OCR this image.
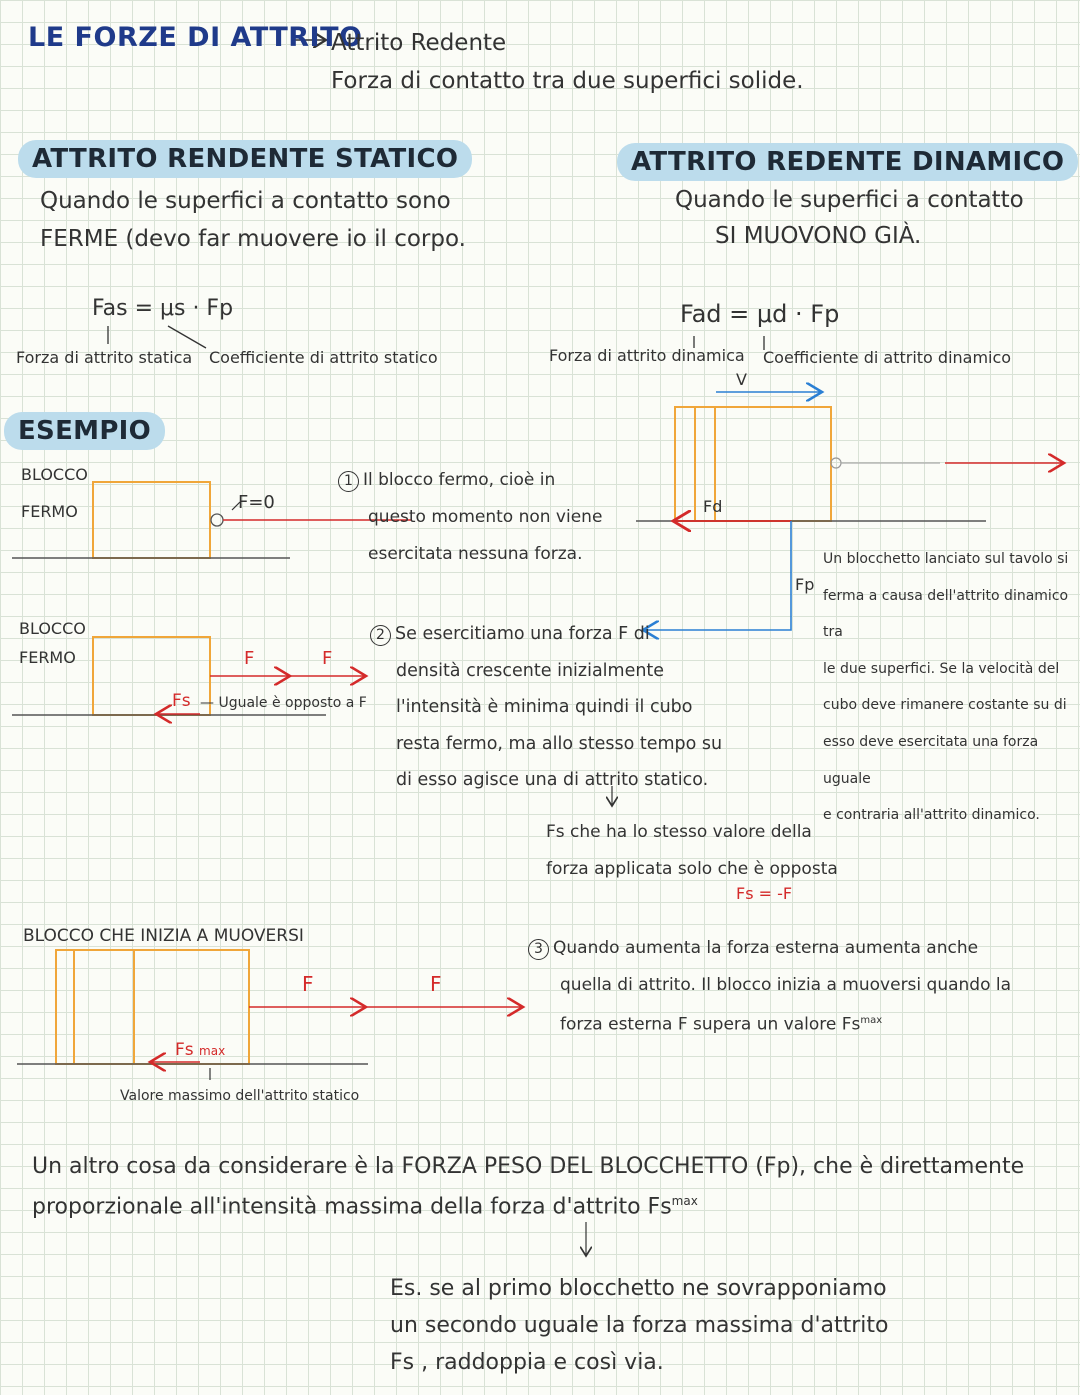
LE FORZE DI ATTRITO
Attrito Redente
Forza di contatto tra due superfici solide.
ATTRITO RENDENTE STATICO
Quando le superfici a contatto sono
FERME (devo far muovere io il corpo.
Fas = μs · Fp
Forza di attrito statica Coefficiente di attrito statico
ATTRITO REDENTE DINAMICO
Quando le superfici a contatto
SI MUOVONO GIÀ.
Fad = μd · Fp
Forza di attrito dinamica Coefficiente di attrito dinamico
V
Fd
Fp
Un blocchetto lanciato sul tavolo si
ferma a causa dell'attrito dinamico tra
le due superfici. Se la velocità del
cubo deve rimanere costante su di
esso deve esercitata una forza uguale
e contraria all'attrito dinamico.
ESEMPIO
BLOCCO
FERMO	F=0
1 Il blocco fermo, cioè in
questo momento non viene
esercitata nessuna forza.
BLOCCO
FERMO	F	F
Fs — Uguale è opposto a F
2 Se esercitiamo una forza F di
densità crescente inizialmente
l'intensità è minima quindi il cubo
resta fermo, ma allo stesso tempo su
di esso agisce una di attrito statico.
Fs che ha lo stesso valore della
forza applicata solo che è opposta
Fs = -F
BLOCCO CHE INIZIA A MUOVERSI
F	F
Fs max
Valore massimo dell'attrito statico
3 Quando aumenta la forza esterna aumenta anche
quella di attrito. Il blocco inizia a muoversi quando la
forza esterna F supera un valore $Fs^{max}$
Un altro cosa da considerare è la FORZA PESO DEL BLOCCHETTO (Fp), che è direttamente
proporzionale all'intensità massima della forza d'attrito $Fs^{max}$
Es. se al primo blocchetto ne sovrapponiamo
un secondo uguale la forza massima d'attrito
Fs , raddoppia e così via.
